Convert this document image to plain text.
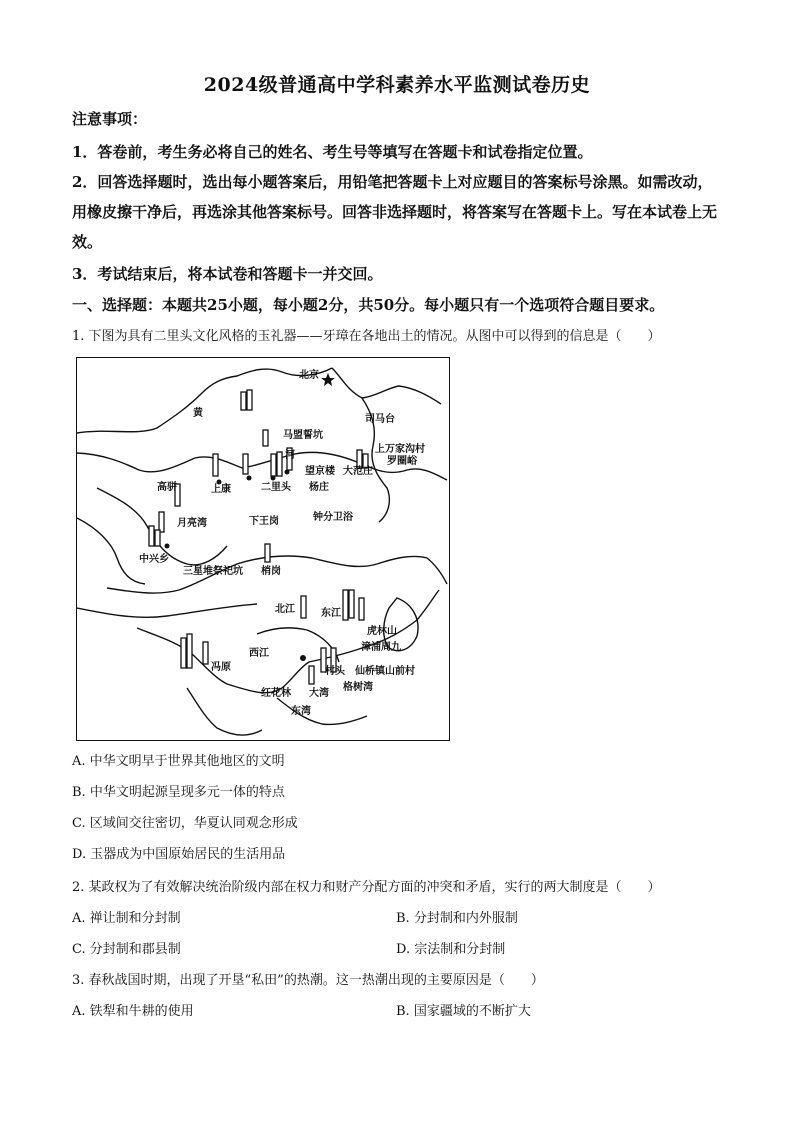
2024级普通高中学科素养水平监测试卷历史
注意事项：
1．答卷前，考生务必将自己的姓名、考生号等填写在答题卡和试卷指定位置。
2．回答选择题时，选出每小题答案后，用铅笔把答题卡上对应题目的答案标号涂黑。如需改动，用橡皮擦干净后，再选涂其他答案标号。回答非选择题时，将答案写在答题卡上。写在本试卷上无效。
3．考试结束后，将本试卷和答题卡一并交回。
一、选择题：本题共25小题，每小题2分，共50分。每小题只有一个选项符合题目要求。
1. 下图为具有二里头文化风格的玉礼器——牙璋在各地出土的情况。从图中可以得到的信息是（　　）
北京
黄
马盟誓坑
司马台
上万家沟村
罗圈峪
河
望京楼 大范庄
杨庄
二里头
上康
高骈
月亮湾	下王岗	钟分卫浴
中兴乡
三星堆祭祀坑 梢岗
北江	东江
虎林山
漳浦周九
西江
冯原	村头 仙桥镇山前村
红花林 大湾
格树湾
东湾
A. 中华文明早于世界其他地区的文明
B. 中华文明起源呈现多元一体的特点
C. 区域间交往密切，华夏认同观念形成
D. 玉器成为中国原始居民的生活用品
2. 某政权为了有效解决统治阶级内部在权力和财产分配方面的冲突和矛盾，实行的两大制度是（　　）
A. 禅让制和分封制	B. 分封制和内外服制
C. 分封制和郡县制	D. 宗法制和分封制
3. 春秋战国时期，出现了开垦“私田”的热潮。这一热潮出现的主要原因是（　　）
A. 铁犁和牛耕的使用	B. 国家疆域的不断扩大
